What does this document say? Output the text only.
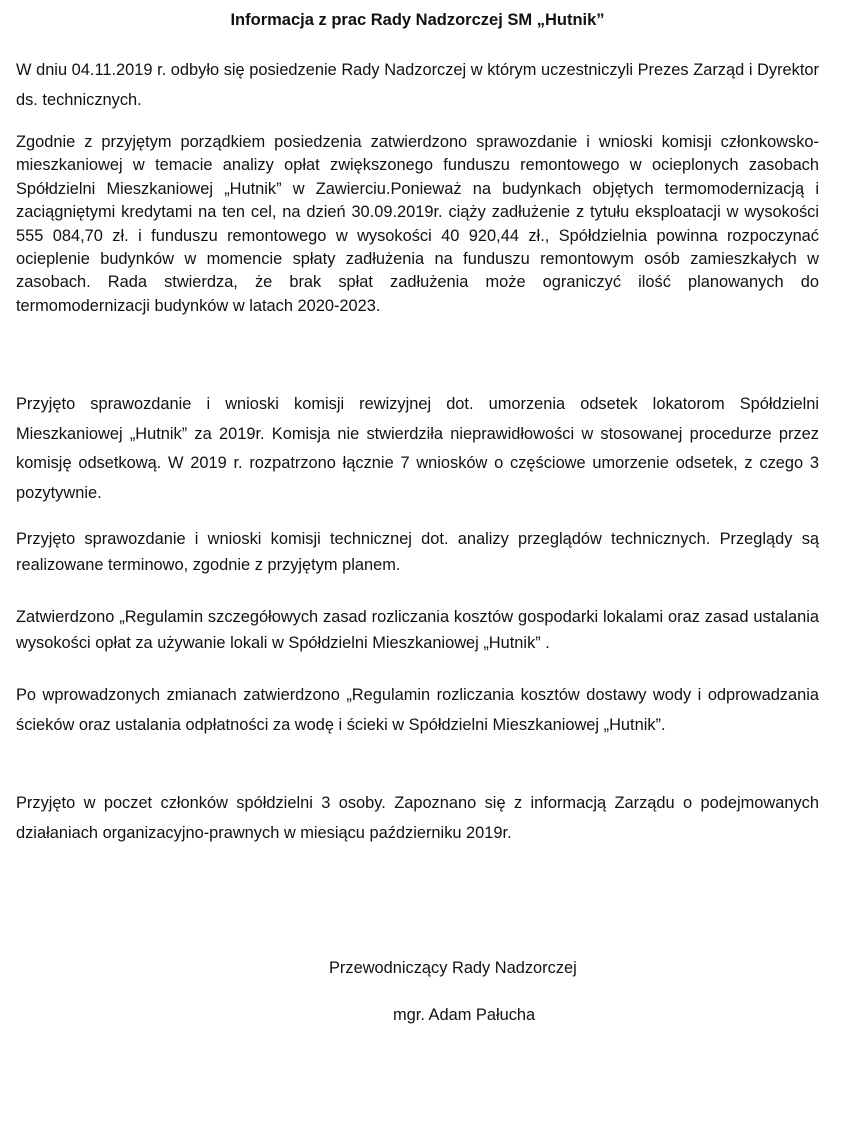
Informacja z prac Rady Nadzorczej SM „Hutnik”

W dniu 04.11.2019 r. odbyło się posiedzenie Rady Nadzorczej w którym uczestniczyli Prezes Zarząd i Dyrektor ds. technicznych.

Zgodnie z przyjętym porządkiem posiedzenia zatwierdzono sprawozdanie i wnioski komisji członkowsko-mieszkaniowej w temacie analizy opłat zwiększonego funduszu remontowego w ocieplonych zasobach Spółdzielni Mieszkaniowej „Hutnik” w Zawierciu.Ponieważ na budynkach objętych termomodernizacją i zaciągniętymi kredytami na ten cel, na dzień 30.09.2019r. ciąży zadłużenie z tytułu eksploatacji w wysokości 555 084,70 zł. i funduszu remontowego w wysokości 40 920,44 zł., Spółdzielnia powinna rozpoczynać ocieplenie budynków w momencie spłaty zadłużenia na funduszu remontowym osób zamieszkałych w zasobach. Rada stwierdza, że brak spłat zadłużenia może ograniczyć ilość planowanych do termomodernizacji budynków w latach 2020-2023.

Przyjęto sprawozdanie i wnioski komisji rewizyjnej dot. umorzenia odsetek lokatorom Spółdzielni Mieszkaniowej „Hutnik” za 2019r. Komisja nie stwierdziła nieprawidłowości w stosowanej procedurze przez komisję odsetkową. W 2019 r. rozpatrzono łącznie 7 wniosków o częściowe umorzenie odsetek, z czego 3 pozytywnie.

Przyjęto sprawozdanie i wnioski komisji technicznej dot. analizy przeglądów technicznych. Przeglądy są realizowane terminowo, zgodnie z przyjętym planem.

Zatwierdzono „Regulamin szczegółowych zasad rozliczania kosztów gospodarki lokalami oraz zasad ustalania wysokości opłat za używanie lokali w Spółdzielni Mieszkaniowej „Hutnik” .

Po wprowadzonych zmianach zatwierdzono „Regulamin rozliczania kosztów dostawy wody i odprowadzania ścieków oraz ustalania odpłatności za wodę i ścieki w Spółdzielni Mieszkaniowej „Hutnik”.

Przyjęto w poczet członków spółdzielni 3 osoby. Zapoznano się z informacją Zarządu o podejmowanych działaniach organizacyjno-prawnych w miesiącu październiku 2019r.

Przewodniczący Rady Nadzorczej
mgr. Adam Pałucha
